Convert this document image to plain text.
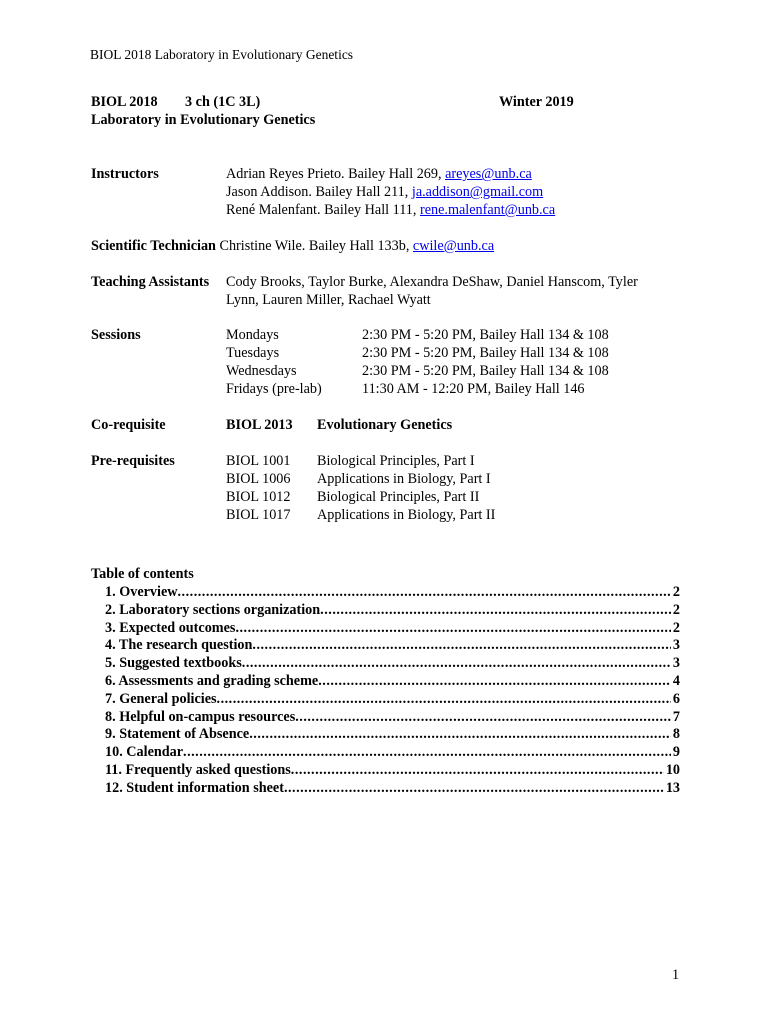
BIOL 2018 Laboratory in Evolutionary Genetics
BIOL 2018 3 ch (1C 3L)	Winter 2019
Laboratory in Evolutionary Genetics
Instructors	Adrian Reyes Prieto. Bailey Hall 269, areyes@unb.ca
Jason Addison. Bailey Hall 211, ja.addison@gmail.com
René Malenfant. Bailey Hall 111, rene.malenfant@unb.ca
Scientific Technician Christine Wile. Bailey Hall 133b, cwile@unb.ca
Teaching Assistants Cody Brooks, Taylor Burke, Alexandra DeShaw, Daniel Hanscom, Tyler
Lynn, Lauren Miller, Rachael Wyatt
Sessions	Mondays	2:30 PM - 5:20 PM, Bailey Hall 134 & 108
Tuesdays	2:30 PM - 5:20 PM, Bailey Hall 134 & 108
Wednesdays	2:30 PM - 5:20 PM, Bailey Hall 134 & 108
Fridays (pre-lab)	11:30 AM - 12:20 PM, Bailey Hall 146
Co-requisite	BIOL 2013 Evolutionary Genetics
Pre-requisites	BIOL 1001 Biological Principles, Part I
BIOL 1006 Applications in Biology, Part I
BIOL 1012 Biological Principles, Part II
BIOL 1017 Applications in Biology, Part II
Table of contents
1. Overview .....	2
2. Laboratory sections organization .....	2
3. Expected outcomes .....	2
4. The research question .....	3
5. Suggested textbooks .....	3
6. Assessments and grading scheme .....	4
7. General policies .....	6
8. Helpful on-campus resources .....	7
9. Statement of Absence .....	8
10. Calendar .....	9
11. Frequently asked questions .....	10
12. Student information sheet .....	13
1
